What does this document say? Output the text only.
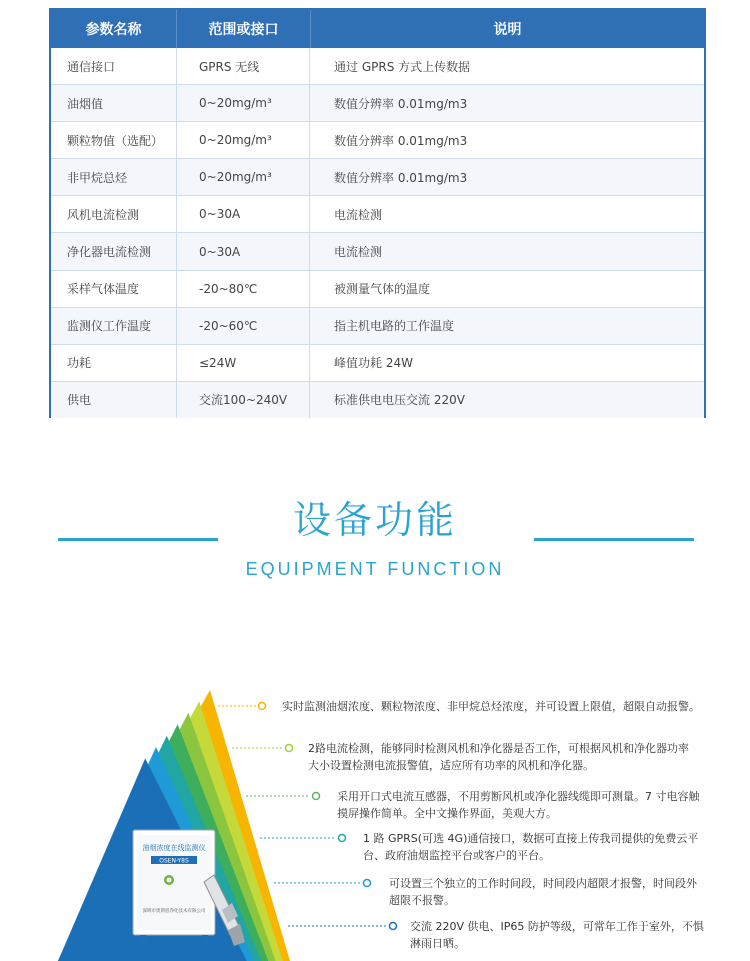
参数名称	范围或接口	说明
通信接口	GPRS 无线	通过 GPRS 方式上传数据
油烟值	0~20mg/m³	数值分辨率 0.01mg/m3
颗粒物值（选配）	0~20mg/m³	数值分辨率 0.01mg/m3
非甲烷总烃	0~20mg/m³	数值分辨率 0.01mg/m3
风机电流检测	0~30A	电流检测
净化器电流检测	0~30A	电流检测
采样气体温度	-20~80℃	被测量气体的温度
监测仪工作温度	-20~60℃	指主机电路的工作温度
功耗	≤24W	峰值功耗 24W
供电	交流100~240V	标准供电电压交流 220V
设备功能
EQUIPMENT FUNCTION
油烟浓度在线监测仪
OSEN-Y8S
深圳市奥斯恩净化技术有限公司
实时监测油烟浓度、颗粒物浓度、非甲烷总烃浓度，并可设置上限值，超限自动报警。
2路电流检测，能够同时检测风机和净化器是否工作，可根据风机和净化器功率
大小设置检测电流报警值，适应所有功率的风机和净化器。
采用开口式电流互感器，不用剪断风机或净化器线缆即可测量。7 寸电容触
摸屏操作简单。全中文操作界面，美观大方。
1 路 GPRS(可选 4G)通信接口，数据可直接上传我司提供的免费云平
台、政府油烟监控平台或客户的平台。
可设置三个独立的工作时间段，时间段内超限才报警，时间段外
超限不报警。
交流 220V 供电、IP65 防护等级，可常年工作于室外，不惧
淋雨日晒。
